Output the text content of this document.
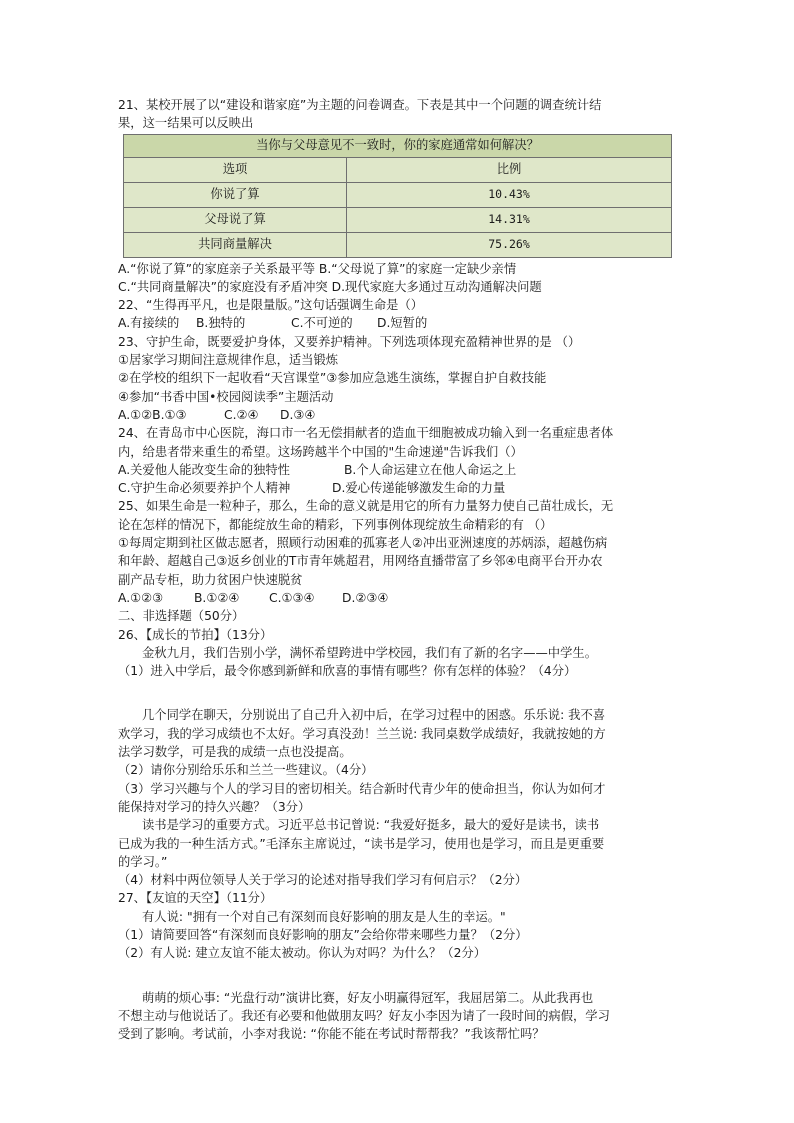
21、某校开展了以“建设和谐家庭”为主题的问卷调查。下表是其中一个问题的调查统计结
果，这一结果可以反映出
当你与父母意见不一致时，你的家庭通常如何解决？	
选项	比例
你说了算	10.43%
父母说了算	14.31%
共同商量解决	75.26%
A.“你说了算”的家庭亲子关系最平等 B.“父母说了算”的家庭一定缺少亲情
C.“共同商量解决”的家庭没有矛盾冲突 D.现代家庭大多通过互动沟通解决问题
22、“生得再平凡，也是限量版。”这句话强调生命是（）
A.有接续的 B.独特的	C.不可逆的 D.短暂的
23、守护生命，既要爱护身体，又要养护精神。下列选项体现充盈精神世界的是 （）
①居家学习期间注意规律作息，适当锻炼
②在学校的组织下一起收看“天宫课堂”③参加应急逃生演练，掌握自护自救技能
④参加“书香中国•校园阅读季”主题活动
A.①②B.①③	C.②④ D.③④
24、在青岛市中心医院，海口市一名无偿捐献者的造血干细胞被成功输入到一名重症患者体
内，给患者带来重生的希望。这场跨越半个中国的"生命速递"告诉我们（）
A.关爱他人能改变生命的独特性	B.个人命运建立在他人命运之上
C.守护生命必须要养护个人精神	D.爱心传递能够激发生命的力量
25、如果生命是一粒种子，那么，生命的意义就是用它的所有力量努力使自己苗壮成长，无
论在怎样的情况下，都能绽放生命的精彩，下列事例体现绽放生命精彩的有 （）
①每周定期到社区做志愿者，照顾行动困难的孤寡老人②冲出亚洲速度的苏炳添，超越伤病
和年龄、超越自己③返乡创业的T市青年姚超君，用网络直播带富了乡邻④电商平台开办农
副产品专柜，助力贫困户快速脱贫
A.①②③	B.①②④ C.①③④ D.②③④
二、非选择题（50分）
26、【成长的节拍】（13分）
金秋九月，我们告别小学，满怀希望跨进中学校园，我们有了新的名字——中学生。
（1）进入中学后，最令你感到新鲜和欣喜的事情有哪些？你有怎样的体验？（4分）
几个同学在聊天，分别说出了自己升入初中后，在学习过程中的困惑。乐乐说: 我不喜
欢学习，我的学习成绩也不太好。学习真没劲！兰兰说: 我同桌数学成绩好，我就按她的方
法学习数学，可是我的成绩一点也没提高。
（2）请你分别给乐乐和兰兰一些建议。（4分）
（3）学习兴趣与个人的学习目的密切相关。结合新时代青少年的使命担当，你认为如何才
能保持对学习的持久兴趣？（3分）
读书是学习的重要方式。习近平总书记曾说: “我爱好挺多，最大的爱好是读书，读书
已成为我的一种生活方式。”毛泽东主席说过，“读书是学习，使用也是学习，而且是更重要
的学习。”
（4）材料中两位领导人关于学习的论述对指导我们学习有何启示？（2分）
27、【友谊的天空】（11分）
有人说: "拥有一个对自己有深刻而良好影响的朋友是人生的幸运。"
（1）请简要回答“有深刻而良好影响的朋友”会给你带来哪些力量？（2分）
（2）有人说: 建立友谊不能太被动。你认为对吗？为什么？（2分）
萌萌的烦心事: “光盘行动”演讲比赛，好友小明赢得冠军，我屈居第二。从此我再也
不想主动与他说话了。我还有必要和他做朋友吗？好友小李因为请了一段时间的病假，学习
受到了影响。考试前，小李对我说: “你能不能在考试时帮帮我？”我该帮忙吗？
